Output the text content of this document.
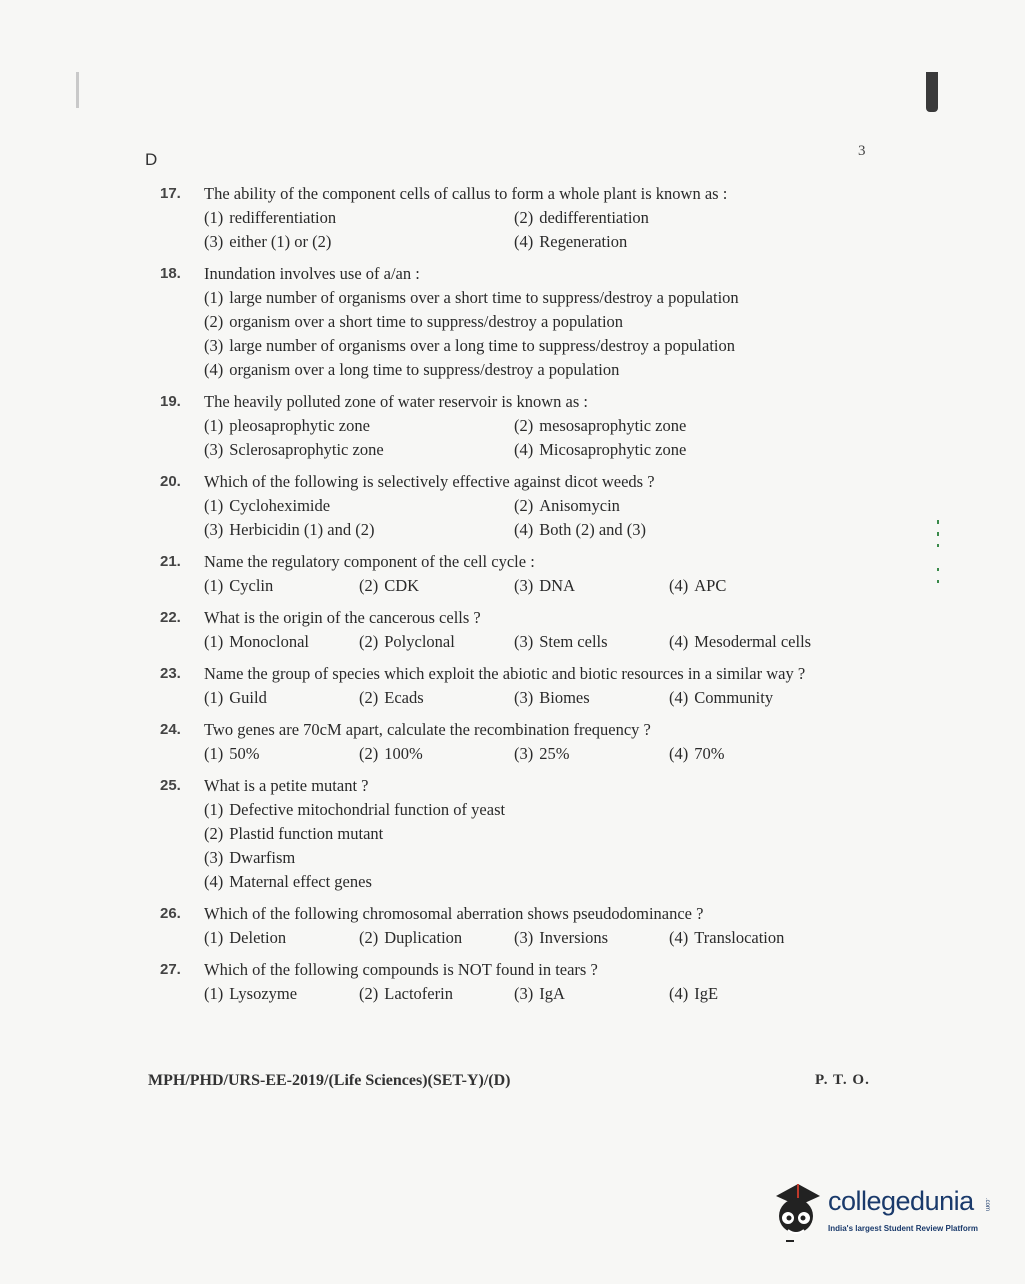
D	3
17.	The ability of the component cells of callus to form a whole plant is known as :
(1) redifferentiation	(2) dedifferentiation
(3) either (1) or (2)	(4) Regeneration
18.	Inundation involves use of a/an :
(1) large number of organisms over a short time to suppress/destroy a population
(2) organism over a short time to suppress/destroy a population
(3) large number of organisms over a long time to suppress/destroy a population
(4) organism over a long time to suppress/destroy a population
19.	The heavily polluted zone of water reservoir is known as :
(1) pleosaprophytic zone	(2) mesosaprophytic zone
(3) Sclerosaprophytic zone	(4) Micosaprophytic zone
20.	Which of the following is selectively effective against dicot weeds ?
(1) Cycloheximide	(2) Anisomycin
(3) Herbicidin (1) and (2)	(4) Both (2) and (3)
21.	Name the regulatory component of the cell cycle :
(1) Cyclin	(2) CDK	(3) DNA	(4) APC
22.	What is the origin of the cancerous cells ?
(1) Monoclonal	(2) Polyclonal	(3) Stem cells	(4) Mesodermal cells
23.	Name the group of species which exploit the abiotic and biotic resources in a similar way ?
(1) Guild	(2) Ecads	(3) Biomes	(4) Community
24.	Two genes are 70cM apart, calculate the recombination frequency ?
(1) 50%	(2) 100%	(3) 25%	(4) 70%
25.	What is a petite mutant ?
(1) Defective mitochondrial function of yeast
(2) Plastid function mutant
(3) Dwarfism
(4) Maternal effect genes
26.	Which of the following chromosomal aberration shows pseudodominance ?
(1) Deletion	(2) Duplication	(3) Inversions	(4) Translocation
27.	Which of the following compounds is NOT found in tears ?
(1) Lysozyme	(2) Lactoferin	(3) IgA	(4) IgE
MPH/PHD/URS-EE-2019/(Life Sciences)(SET-Y)/(D)	P. T. O.
collegedunia .com
India's largest Student Review Platform
